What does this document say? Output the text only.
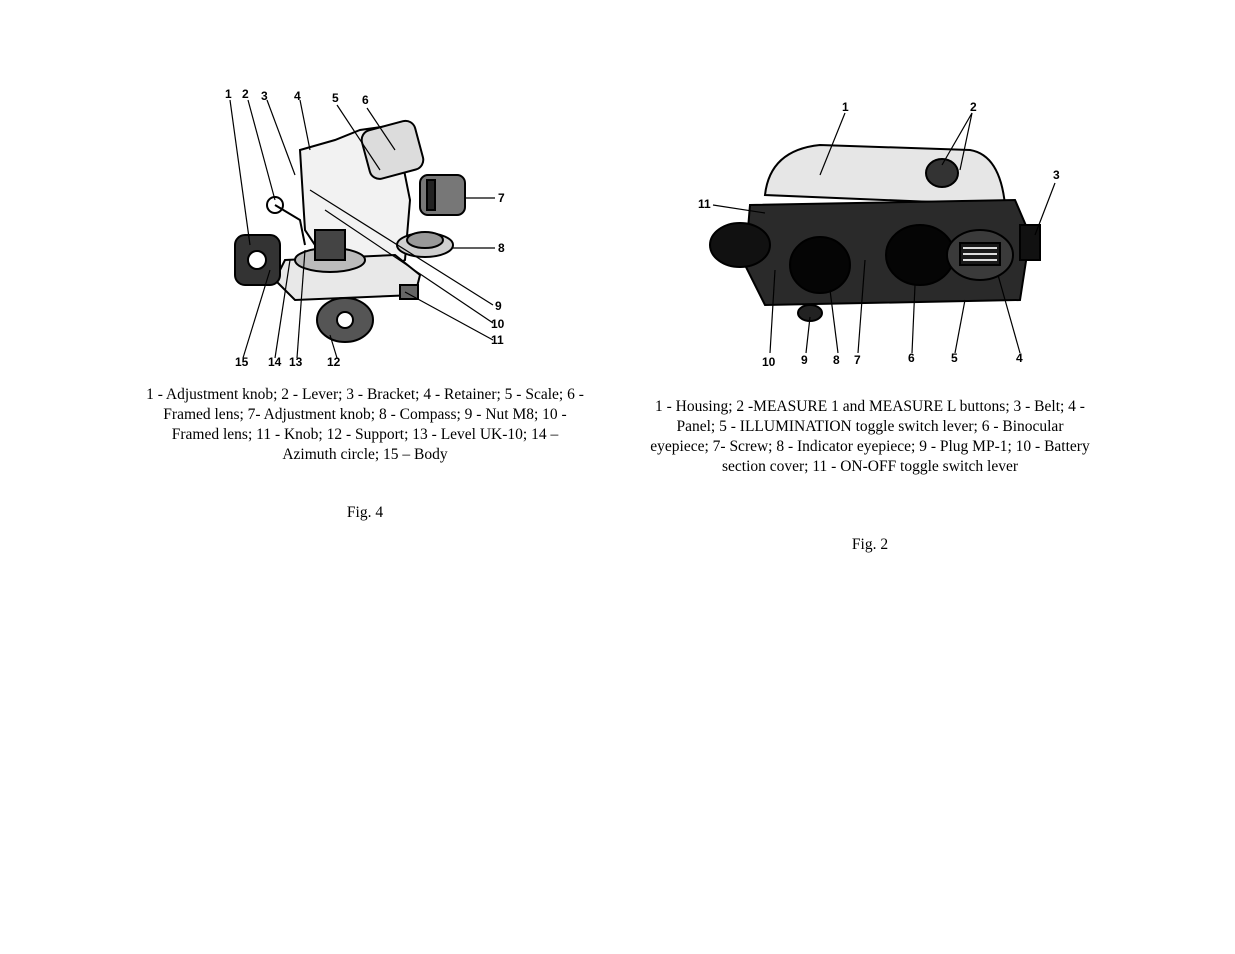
1 2 3 4	5 6
7
8
9
10
11
12
13
14
15
1 - Adjustment knob; 2 - Lever; 3 - Bracket; 4 - Retainer; 5 - Scale; 6 - Framed lens; 7- Adjustment knob; 8 - Compass; 9 - Nut M8; 10 - Framed lens; 11 - Knob; 12 - Support; 13 - Level UK-10; 14 – Azimuth circle; 15 – Body
Fig. 4
1	2
3
4
5
6
7
8
9
10
11
1 - Housing; 2 -MEASURE 1 and MEASURE L buttons; 3 - Belt; 4 - Panel; 5 - ILLUMINATION toggle switch lever; 6 - Binocular eyepiece; 7- Screw; 8 - Indicator eyepiece; 9 - Plug MP-1; 10 - Battery section cover; 11 - ON-OFF toggle switch lever
Fig. 2
